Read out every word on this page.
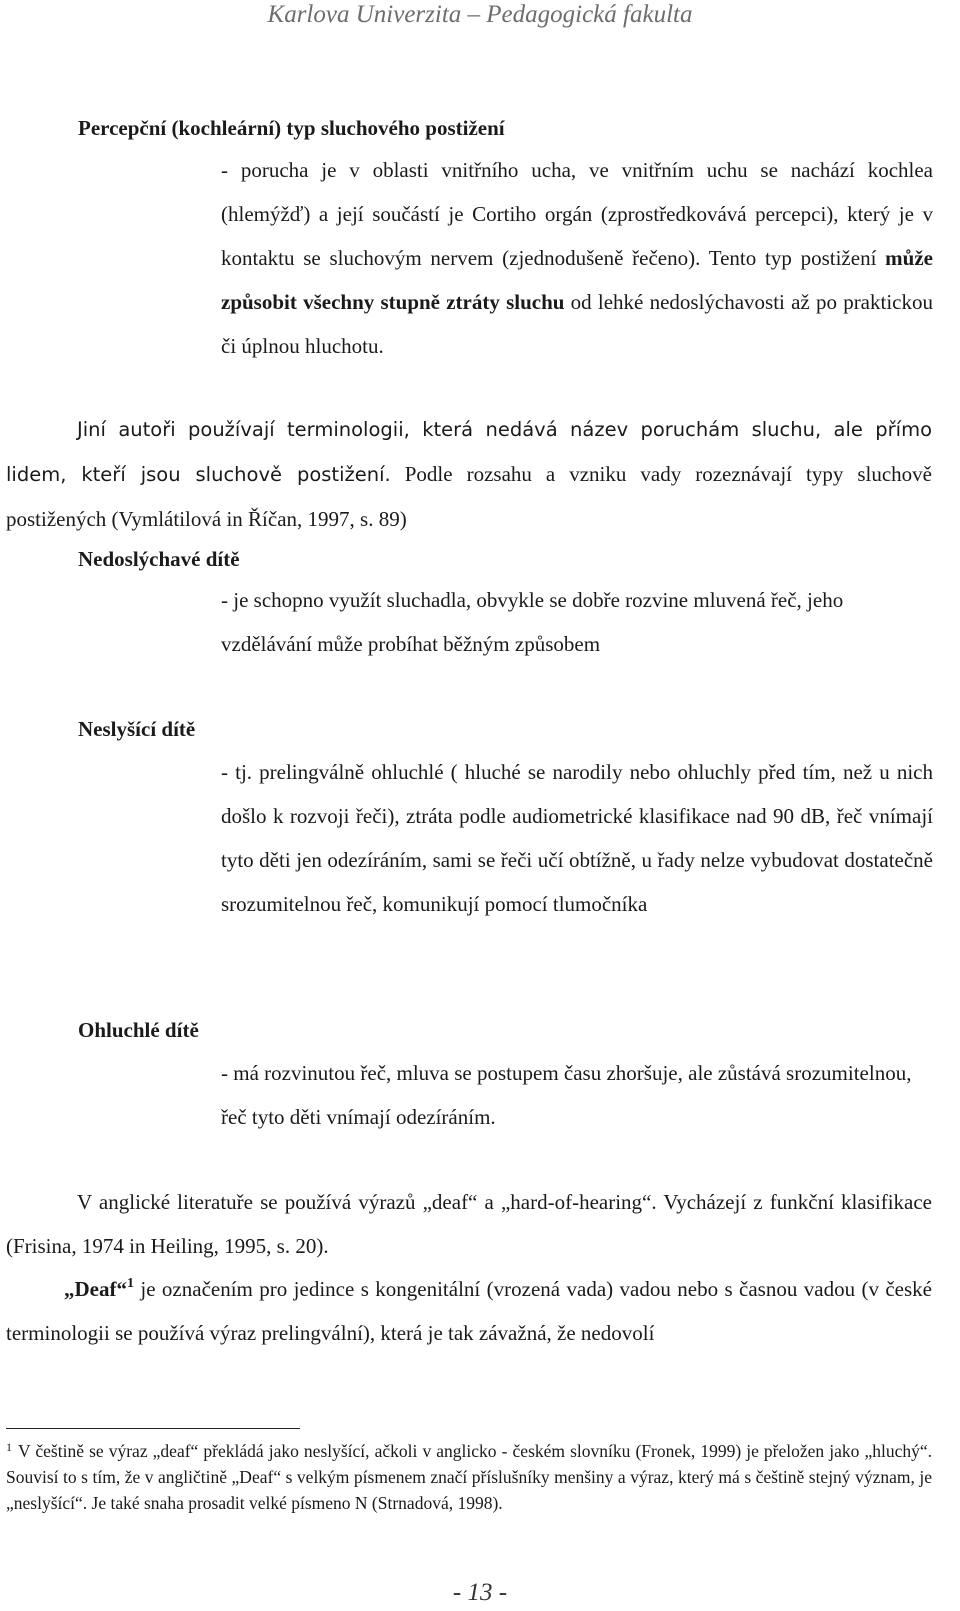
Karlova Univerzita – Pedagogická fakulta

Percepční (kochleární) typ sluchového postižení

- porucha je v oblasti vnitřního ucha, ve vnitřním uchu se nachází kochlea (hlemýžď) a její součástí je Cortiho orgán (zprostředkovává percepci), který je v kontaktu se sluchovým nervem (zjednodušeně řečeno). Tento typ postižení může způsobit všechny stupně ztráty sluchu od lehké nedoslýchavosti až po praktickou či úplnou hluchotu.

Jiní autoři používají terminologii, která nedává název poruchám sluchu, ale přímo lidem, kteří jsou sluchově postižení. Podle rozsahu a vzniku vady rozeznávají typy sluchově postižených (Vymlátilová in Říčan, 1997, s. 89)

Nedoslýchavé dítě

- je schopno využít sluchadla, obvykle se dobře rozvine mluvená řeč, jeho vzdělávání může probíhat běžným způsobem

Neslyšící dítě

- tj. prelingválně ohluchlé ( hluché se narodily nebo ohluchly před tím, než u nich došlo k rozvoji řeči), ztráta podle audiometrické klasifikace nad 90 dB, řeč vnímají tyto děti jen odezíráním, sami se řeči učí obtížně, u řady nelze vybudovat dostatečně srozumitelnou řeč, komunikují pomocí tlumočníka

Ohluchlé dítě

- má rozvinutou řeč, mluva se postupem času zhoršuje, ale zůstává srozumitelnou, řeč tyto děti vnímají odezíráním.

V anglické literatuře se používá výrazů „deaf“ a „hard-of-hearing“. Vycházejí z funkční klasifikace (Frisina, 1974 in Heiling, 1995, s. 20).

„Deaf“$^1$ je označením pro jedince s kongenitální (vrozená vada) vadou nebo s časnou vadou (v české terminologii se používá výraz prelingvální), která je tak závažná, že nedovolí

$^1$ V češtině se výraz „deaf“ překládá jako neslyšící, ačkoli v anglicko - českém slovníku (Fronek, 1999) je přeložen jako „hluchý“. Souvisí to s tím, že v angličtině „Deaf“ s velkým písmenem značí příslušníky menšiny a výraz, který má s češtině stejný význam, je „neslyšící“. Je také snaha prosadit velké písmeno N (Strnadová, 1998).

- 13 -
